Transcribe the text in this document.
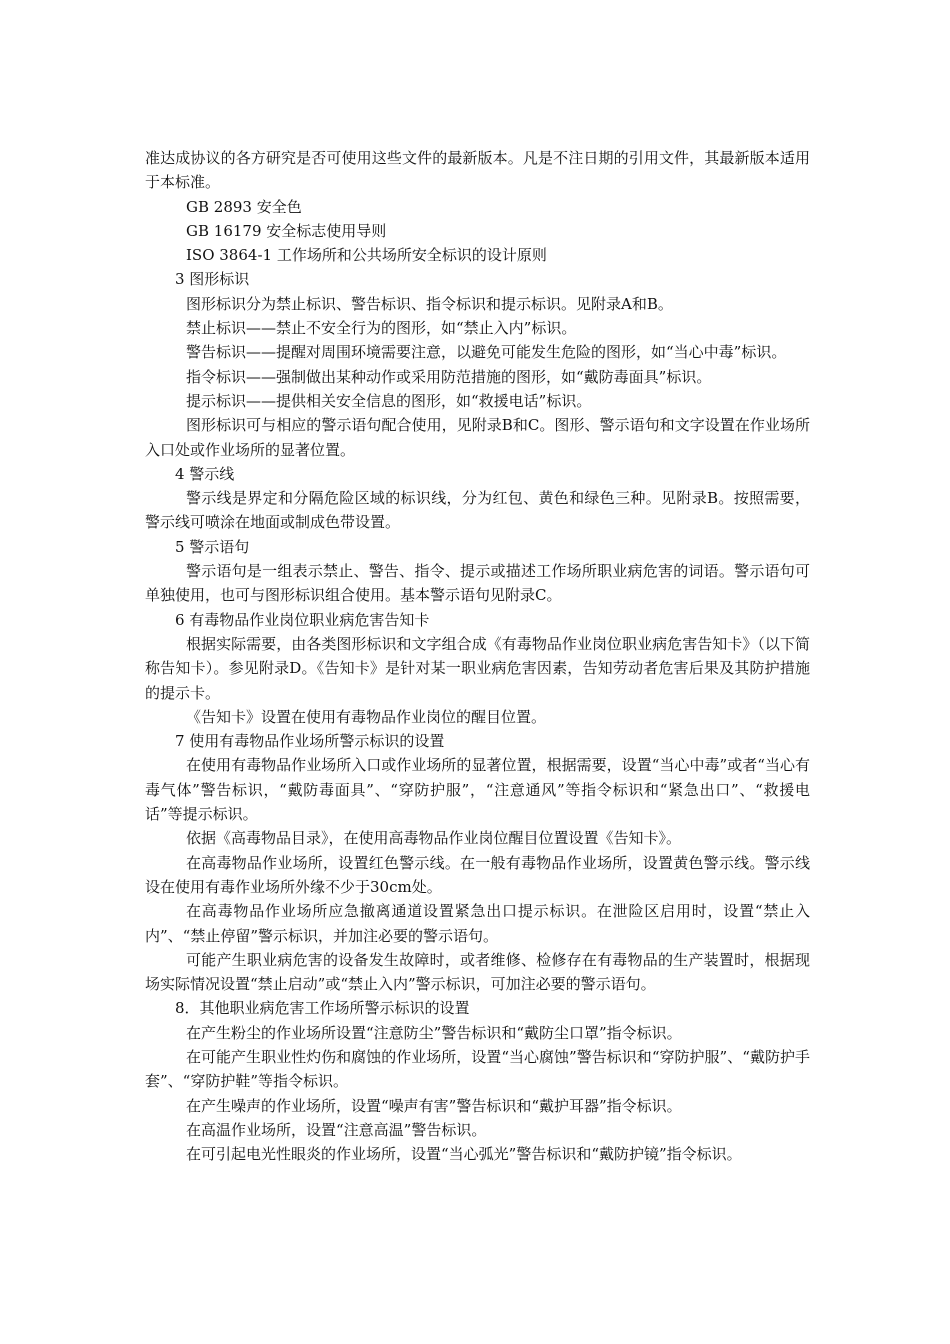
准达成协议的各方研究是否可使用这些文件的最新版本。凡是不注日期的引用文件，其最新版本适用于本标准。

GB 2893 安全色

GB 16179 安全标志使用导则

ISO 3864-1 工作场所和公共场所安全标识的设计原则

3 图形标识

图形标识分为禁止标识、警告标识、指令标识和提示标识。见附录A和B。

禁止标识——禁止不安全行为的图形，如“禁止入内”标识。

警告标识——提醒对周围环境需要注意，以避免可能发生危险的图形，如“当心中毒”标识。

指令标识——强制做出某种动作或采用防范措施的图形，如“戴防毒面具”标识。

提示标识——提供相关安全信息的图形，如“救援电话”标识。

图形标识可与相应的警示语句配合使用，见附录B和C。图形、警示语句和文字设置在作业场所入口处或作业场所的显著位置。

4 警示线

警示线是界定和分隔危险区域的标识线，分为红包、黄色和绿色三种。见附录B。按照需要，警示线可喷涂在地面或制成色带设置。

5 警示语句

警示语句是一组表示禁止、警告、指令、提示或描述工作场所职业病危害的词语。警示语句可单独使用，也可与图形标识组合使用。基本警示语句见附录C。

6 有毒物品作业岗位职业病危害告知卡

根据实际需要，由各类图形标识和文字组合成《有毒物品作业岗位职业病危害告知卡》（以下简称告知卡）。参见附录D。《告知卡》是针对某一职业病危害因素，告知劳动者危害后果及其防护措施的提示卡。

《告知卡》设置在使用有毒物品作业岗位的醒目位置。

7 使用有毒物品作业场所警示标识的设置

在使用有毒物品作业场所入口或作业场所的显著位置，根据需要，设置“当心中毒”或者“当心有毒气体”警告标识，“戴防毒面具”、“穿防护服”，“注意通风”等指令标识和“紧急出口”、“救援电话”等提示标识。

依据《高毒物品目录》，在使用高毒物品作业岗位醒目位置设置《告知卡》。

在高毒物品作业场所，设置红色警示线。在一般有毒物品作业场所，设置黄色警示线。警示线设在使用有毒作业场所外缘不少于30cm处。

在高毒物品作业场所应急撤离通道设置紧急出口提示标识。在泄险区启用时，设置“禁止入内”、“禁止停留”警示标识，并加注必要的警示语句。

可能产生职业病危害的设备发生故障时，或者维修、检修存在有毒物品的生产装置时，根据现场实际情况设置“禁止启动”或“禁止入内”警示标识，可加注必要的警示语句。

8．其他职业病危害工作场所警示标识的设置

在产生粉尘的作业场所设置“注意防尘”警告标识和“戴防尘口罩”指令标识。

在可能产生职业性灼伤和腐蚀的作业场所，设置“当心腐蚀”警告标识和“穿防护服”、“戴防护手套”、“穿防护鞋”等指令标识。

在产生噪声的作业场所，设置“噪声有害”警告标识和“戴护耳器”指令标识。

在高温作业场所，设置“注意高温”警告标识。

在可引起电光性眼炎的作业场所，设置“当心弧光”警告标识和“戴防护镜”指令标识。
